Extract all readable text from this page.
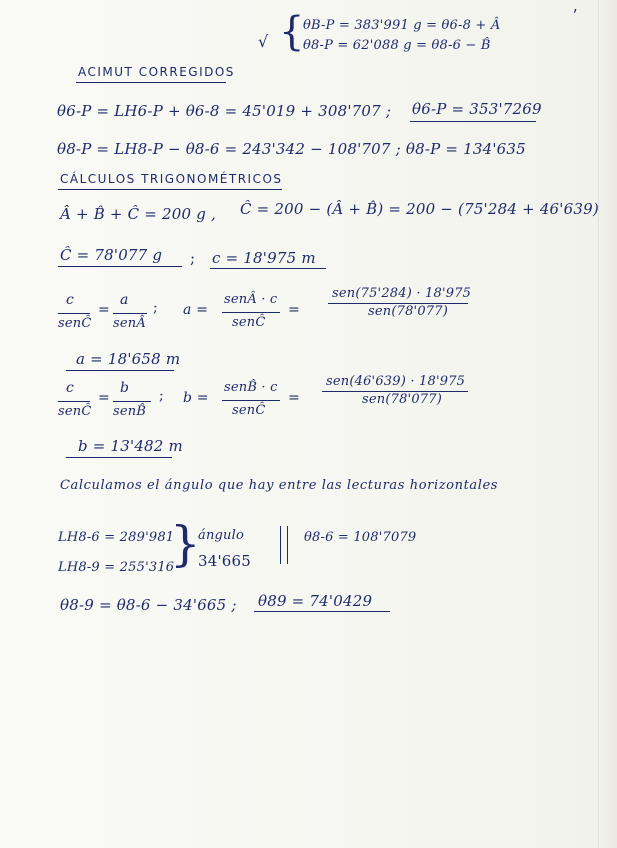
√ {
θB-P = 383'991 g = θ6-8 + Â
θ8-P = 62'088 g = θ8-6 − B̂
ʼ
ACIMUT CORREGIDOS
θ6-P = LH6-P + θ6-8 = 45'019 + 308'707 ; θ6-P = 353'7269
θ8-P = LH8-P − θ8-6 = 243'342 − 108'707 ; θ8-P = 134'635
CÁLCULOS TRIGONOMÉTRICOS
Â + B̂ + Ĉ = 200 g , Ĉ = 200 − (Â + B̂) = 200 − (75'284 + 46'639)
Ĉ = 78'077 g ; c = 18'975 m
c
senĈ
=
a
senÂ
; a =
senÂ · c
senĈ
=
sen(75'284) · 18'975
sen(78'077)
a = 18'658 m
c
senĈ
=
b
senB̂
; b =
senB̂ · c
senĈ
=
sen(46'639) · 18'975
sen(78'077)
b = 13'482 m
Calculamos el ángulo que hay entre las lecturas horizontales
LH8-6 = 289'981
LH8-9 = 255'316
}
ángulo
34'665
θ8-6 = 108'7079
θ8-9 = θ8-6 − 34'665 ; θ89 = 74'0429
